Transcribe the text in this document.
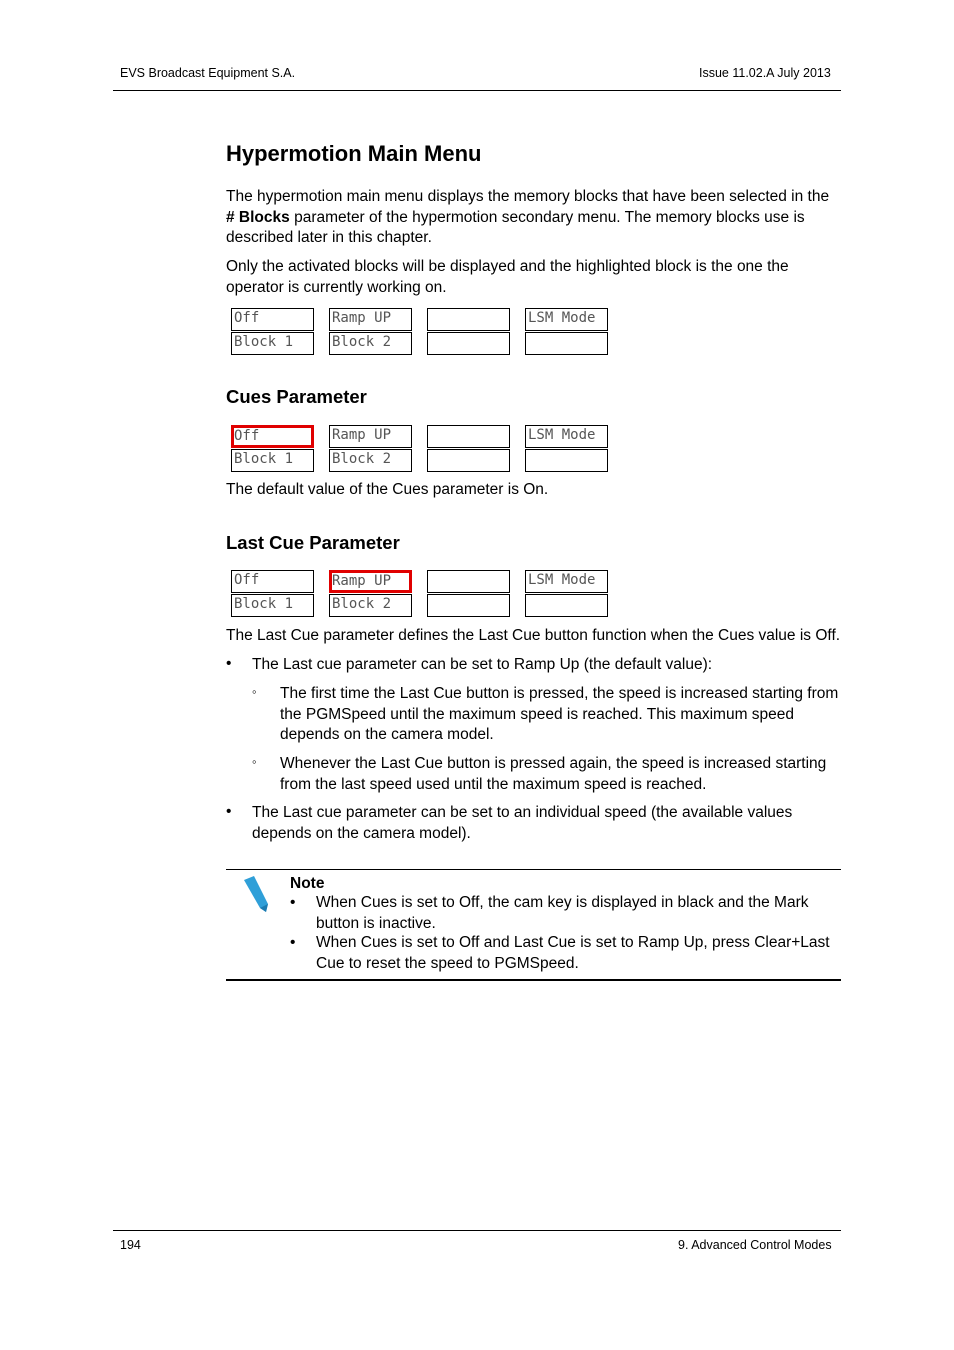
EVS Broadcast Equipment S.A.	Issue 11.02.A July 2013
Hypermotion Main Menu

The hypermotion main menu displays the memory blocks that have been selected in the
# Blocks parameter of the hypermotion secondary menu. The memory blocks use is
described later in this chapter.

Only the activated blocks will be displayed and the highlighted block is the one the
operator is currently working on.

Off
Block 1
Ramp UP
Block 2
LSM Mode
Cues Parameter
Off
Block 1
Ramp UP
Block 2
LSM Mode

The default value of the Cues parameter is On.

Last Cue Parameter
Off
Block 1
Ramp UP
Block 2
LSM Mode

The Last Cue parameter defines the Last Cue button function when the Cues value is Off.

• The Last cue parameter can be set to Ramp Up (the default value):
◦ The first time the Last Cue button is pressed, the speed is increased starting from
the PGMSpeed until the maximum speed is reached. This maximum speed
depends on the camera model.
◦ Whenever the Last Cue button is pressed again, the speed is increased starting
from the last speed used until the maximum speed is reached.
• The Last cue parameter can be set to an individual speed (the available values
depends on the camera model).
Note
• When Cues is set to Off, the cam key is displayed in black and the Mark
button is inactive.
• When Cues is set to Off and Last Cue is set to Ramp Up, press Clear+Last
Cue to reset the speed to PGMSpeed.
194	9. Advanced Control Modes
